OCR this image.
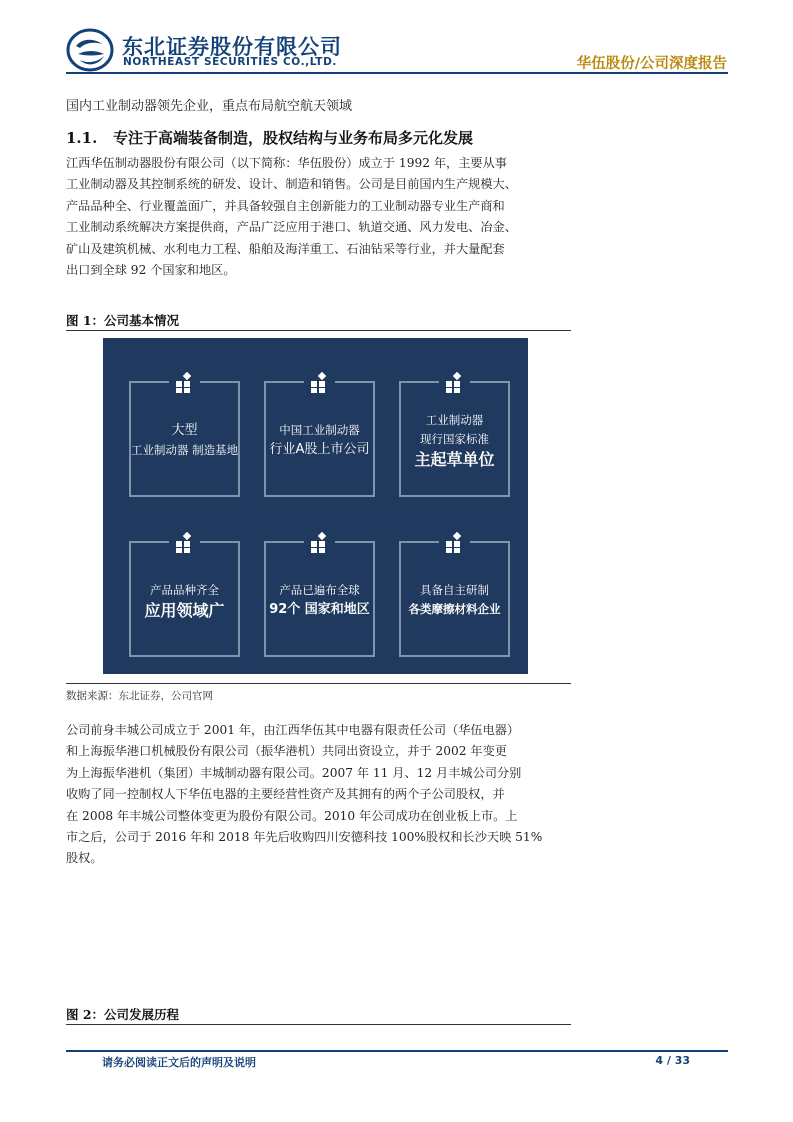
东北证券股份有限公司
NORTHEAST SECURITIES CO.,LTD.	华伍股份/公司深度报告
国内工业制动器领先企业，重点布局航空航天领域
1.1. 专注于高端装备制造，股权结构与业务布局多元化发展
江西华伍制动器股份有限公司（以下简称：华伍股份）成立于 1992 年，主要从事
工业制动器及其控制系统的研发、设计、制造和销售。公司是目前国内生产规模大、
产品品种全、行业覆盖面广，并具备较强自主创新能力的工业制动器专业生产商和
工业制动系统解决方案提供商，产品广泛应用于港口、轨道交通、风力发电、冶金、
矿山及建筑机械、水利电力工程、船舶及海洋重工、石油钻采等行业，并大量配套
出口到全球 92 个国家和地区。
图 1：公司基本情况
大型
工业制动器 制造基地
中国工业制动器
行业A股上市公司
工业制动器
现行国家标准
主起草单位
产品品种齐全
应用领域广
产品已遍布全球
92个 国家和地区
具备自主研制
各类摩擦材料企业
数据来源：东北证券，公司官网
公司前身丰城公司成立于 2001 年，由江西华伍其中电器有限责任公司（华伍电器）
和上海振华港口机械股份有限公司（振华港机）共同出资设立，并于 2002 年变更
为上海振华港机（集团）丰城制动器有限公司。2007 年 11 月、12 月丰城公司分别
收购了同一控制权人下华伍电器的主要经营性资产及其拥有的两个子公司股权，并
在 2008 年丰城公司整体变更为股份有限公司。2010 年公司成功在创业板上市。上
市之后，公司于 2016 年和 2018 年先后收购四川安德科技 100%股权和长沙天映 51%
股权。
图 2：公司发展历程
请务必阅读正文后的声明及说明	4 / 33
